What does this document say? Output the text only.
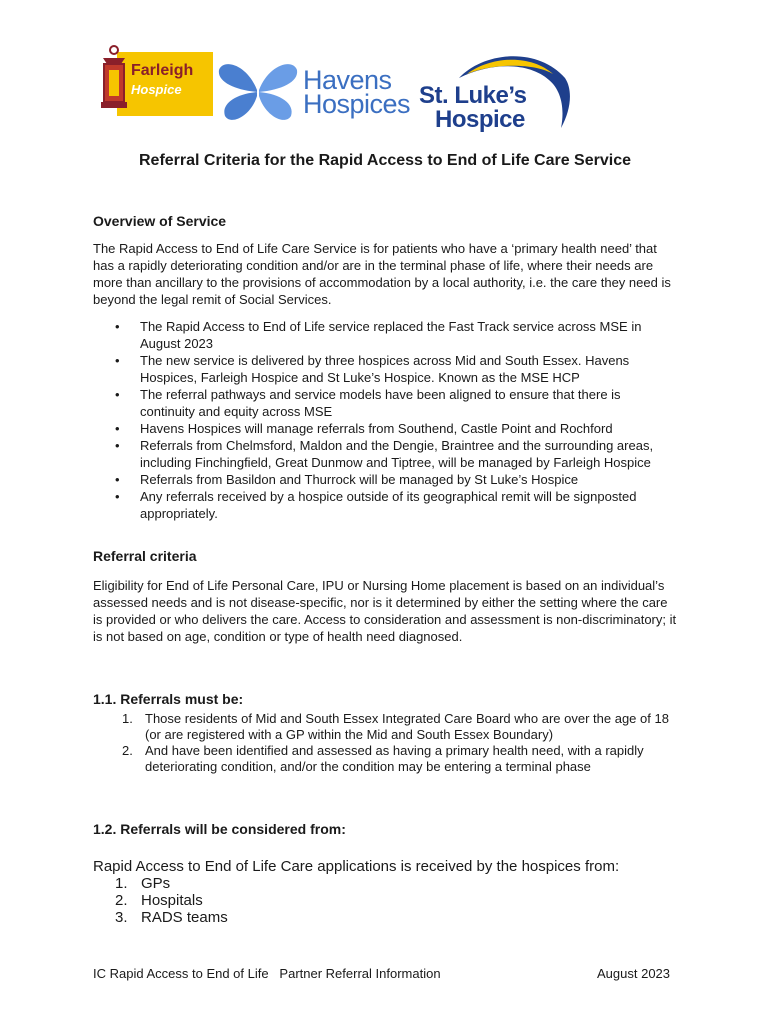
Farleigh
Hospice	Havens
Hospices St. Luke’s
Hospice
Referral Criteria for the Rapid Access to End of Life Care Service
Overview of Service
The Rapid Access to End of Life Care Service is for patients who have a ‘primary health need’ that has a rapidly deteriorating condition and/or are in the terminal phase of life, where their needs are more than ancillary to the provisions of accommodation by a local authority, i.e. the care they need is beyond the legal remit of Social Services.
• The Rapid Access to End of Life service replaced the Fast Track service across MSE in August 2023
• The new service is delivered by three hospices across Mid and South Essex. Havens Hospices, Farleigh Hospice and St Luke’s Hospice. Known as the MSE HCP
• The referral pathways and service models have been aligned to ensure that there is continuity and equity across MSE
• Havens Hospices will manage referrals from Southend, Castle Point and Rochford
• Referrals from Chelmsford, Maldon and the Dengie, Braintree and the surrounding areas, including Finchingfield, Great Dunmow and Tiptree, will be managed by Farleigh Hospice
• Referrals from Basildon and Thurrock will be managed by St Luke’s Hospice
• Any referrals received by a hospice outside of its geographical remit will be signposted appropriately.
Referral criteria
Eligibility for End of Life Personal Care, IPU or Nursing Home placement is based on an individual’s assessed needs and is not disease-specific, nor is it determined by either the setting where the care is provided or who delivers the care. Access to consideration and assessment is non-discriminatory; it is not based on age, condition or type of health need diagnosed.
1.1. Referrals must be:
1. Those residents of Mid and South Essex Integrated Care Board who are over the age of 18 (or are registered with a GP within the Mid and South Essex Boundary)
2. And have been identified and assessed as having a primary health need, with a rapidly deteriorating condition, and/or the condition may be entering a terminal phase
1.2. Referrals will be considered from:
Rapid Access to End of Life Care applications is received by the hospices from:
1. GPs
2. Hospitals
3. RADS teams
IC Rapid Access to End of Life   Partner Referral Information	August 2023
